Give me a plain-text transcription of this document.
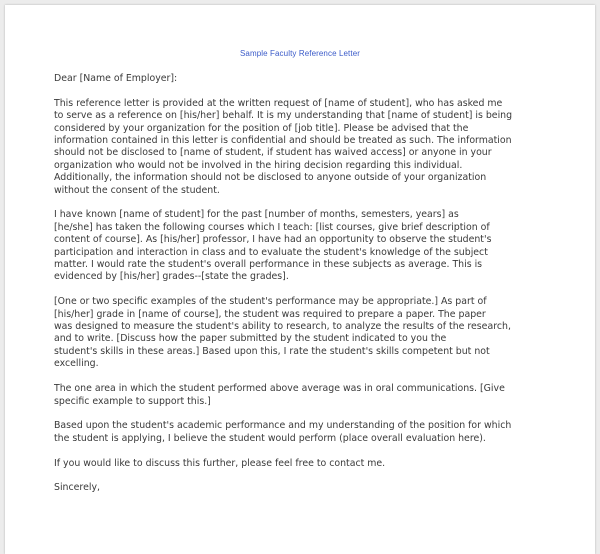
Sample Faculty Reference Letter
Dear [Name of Employer]:
This reference letter is provided at the written request of [name of student], who has asked me
to serve as a reference on [his/her] behalf. It is my understanding that [name of student] is being
considered by your organization for the position of [job title]. Please be advised that the
information contained in this letter is confidential and should be treated as such. The information
should not be disclosed to [name of student, if student has waived access] or anyone in your
organization who would not be involved in the hiring decision regarding this individual.
Additionally, the information should not be disclosed to anyone outside of your organization
without the consent of the student.
I have known [name of student] for the past [number of months, semesters, years] as
[he/she] has taken the following courses which I teach: [list courses, give brief description of
content of course]. As [his/her] professor, I have had an opportunity to observe the student's
participation and interaction in class and to evaluate the student's knowledge of the subject
matter. I would rate the student's overall performance in these subjects as average. This is
evidenced by [his/her] grades--[state the grades].
[One or two specific examples of the student's performance may be appropriate.] As part of
[his/her] grade in [name of course], the student was required to prepare a paper. The paper
was designed to measure the student's ability to research, to analyze the results of the research,
and to write. [Discuss how the paper submitted by the student indicated to you the
student's skills in these areas.] Based upon this, I rate the student's skills competent but not
excelling.
The one area in which the student performed above average was in oral communications. [Give
specific example to support this.]
Based upon the student's academic performance and my understanding of the position for which
the student is applying, I believe the student would perform (place overall evaluation here).
If you would like to discuss this further, please feel free to contact me.
Sincerely,
